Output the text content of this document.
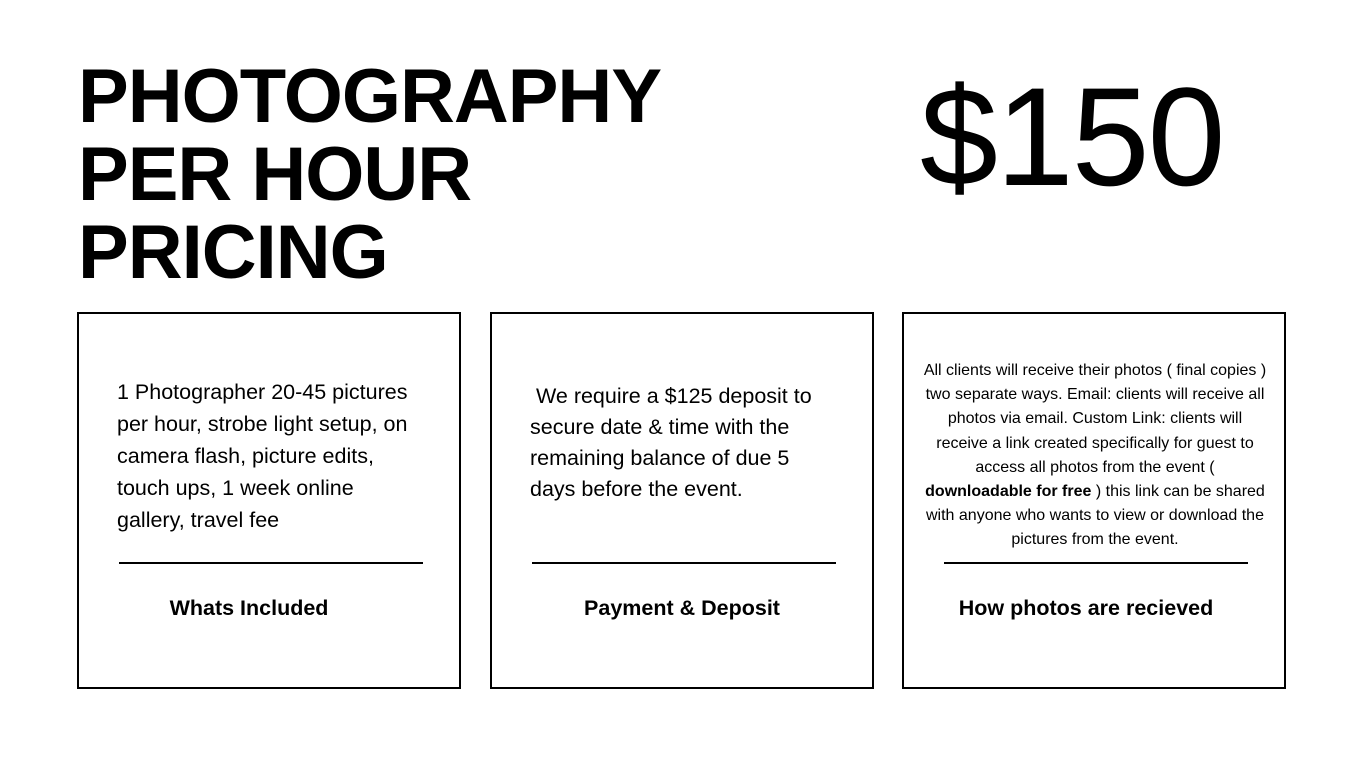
PHOTOGRAPHY
PER HOUR
PRICING
$150

1 Photographer 20-45 pictures per hour, strobe light setup, on camera flash, picture edits, touch ups, 1 week online gallery, travel fee

Whats Included

We require a $125 deposit to secure date & time with the remaining balance of due 5 days before the event.

Payment & Deposit

All clients will receive their photos ( final copies ) two separate ways. Email: clients will receive all photos via email. Custom Link: clients will receive a link created specifically for guest to access all photos from the event ( downloadable for free ) this link can be shared with anyone who wants to view or download the pictures from the event.

How photos are recieved
